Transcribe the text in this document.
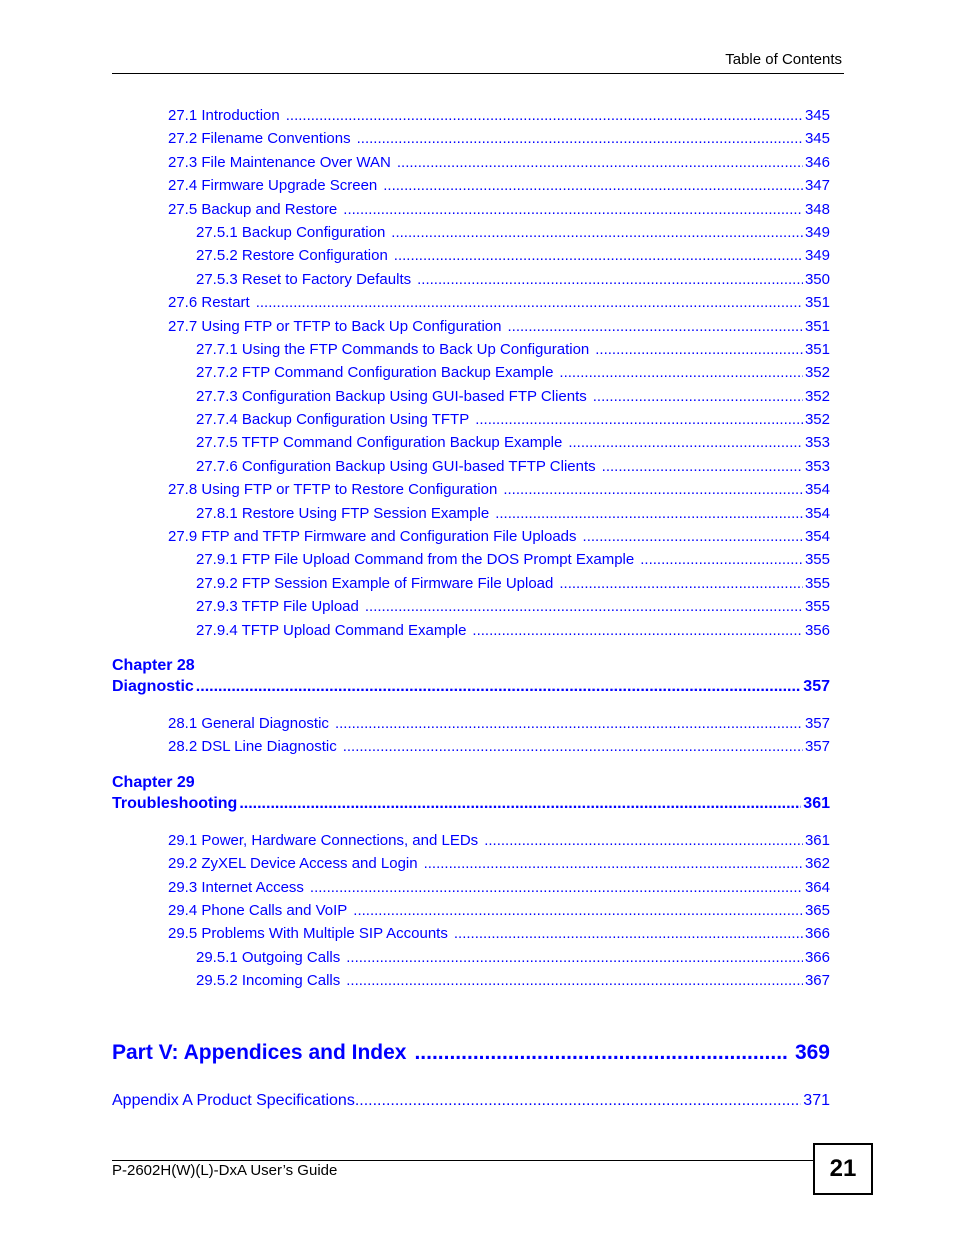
Table of Contents
27.1 Introduction .....	345
27.2 Filename Conventions .....	345
27.3 File Maintenance Over WAN .....	346
27.4 Firmware Upgrade Screen .....	347
27.5 Backup and Restore .....	348
27.5.1 Backup Configuration .....	349
27.5.2 Restore Configuration .....	349
27.5.3 Reset to Factory Defaults .....	350
27.6 Restart .....	351
27.7 Using FTP or TFTP to Back Up Configuration .....	351
27.7.1 Using the FTP Commands to Back Up Configuration .....	351
27.7.2 FTP Command Configuration Backup Example .....	352
27.7.3 Configuration Backup Using GUI-based FTP Clients .....	352
27.7.4 Backup Configuration Using TFTP .....	352
27.7.5 TFTP Command Configuration Backup Example .....	353
27.7.6 Configuration Backup Using GUI-based TFTP Clients .....	353
27.8 Using FTP or TFTP to Restore Configuration .....	354
27.8.1 Restore Using FTP Session Example .....	354
27.9 FTP and TFTP Firmware and Configuration File Uploads .....	354
27.9.1 FTP File Upload Command from the DOS Prompt Example .....	355
27.9.2 FTP Session Example of Firmware File Upload .....	355
27.9.3 TFTP File Upload .....	355
27.9.4 TFTP Upload Command Example .....	356
Chapter 28
Diagnostic .....	357
28.1 General Diagnostic .....	357
28.2 DSL Line Diagnostic .....	357
Chapter 29
Troubleshooting .....	361
29.1 Power, Hardware Connections, and LEDs .....	361
29.2 ZyXEL Device Access and Login .....	362
29.3 Internet Access .....	364
29.4 Phone Calls and VoIP .....	365
29.5 Problems With Multiple SIP Accounts .....	366
29.5.1 Outgoing Calls .....	366
29.5.2 Incoming Calls .....	367
Part V: Appendices and Index .....	369
Appendix A Product Specifications .....	371
P-2602H(W)(L)-DxA User’s Guide	21
